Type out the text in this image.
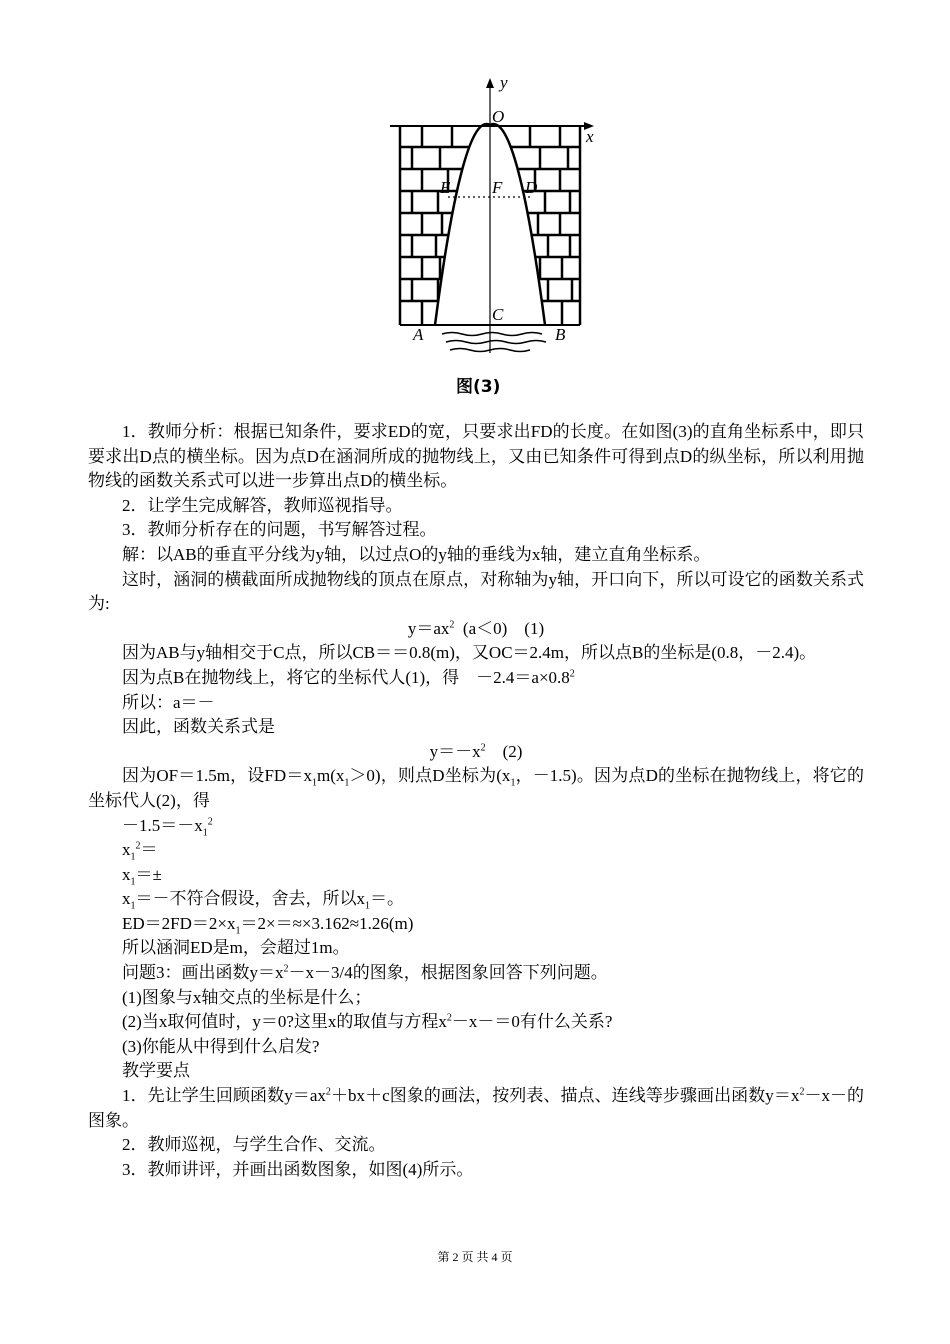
y
x
O
E F D
C
A	B
图(3)

1．教师分析：根据已知条件，要求ED的宽，只要求出FD的长度。在如图(3)的直角坐标系中，即只要求出D点的横坐标。因为点D在涵洞所成的抛物线上，又由已知条件可得到点D的纵坐标，所以利用抛物线的函数关系式可以进一步算出点D的横坐标。

2．让学生完成解答，教师巡视指导。

3．教师分析存在的问题，书写解答过程。

解：以AB的垂直平分线为y轴，以过点O的y轴的垂线为x轴，建立直角坐标系。

这时，涵洞的横截面所成抛物线的顶点在原点，对称轴为y轴，开口向下，所以可设它的函数关系式为:

$y=ax^2$  (a＜0)    (1)

因为AB与y轴相交于C点，所以CB＝＝0.8(m)，又OC＝2.4m，所以点B的坐标是(0.8，－2.4)。

因为点B在抛物线上，将它的坐标代人(1)，得　$-2.4=a\times 0.8^2$

所以：a＝－

因此，函数关系式是

$y=-x^2$    (2)

因为OF＝1.5m，设$FD=x_1m(x_1>0)$，则点D坐标为($x_1$，－1.5)。因为点D的坐标在抛物线上，将它的坐标代人(2)，得

$-1.5=-x_1^2$

$x_1^2=$

$x_1=\pm$

$x_1=-$不符合假设，舍去，所以$x_1=$。

$ED=2FD=2\times x_1=2\times=\approx\times 3.162\approx 1.26(m)$

所以涵洞ED是m，会超过1m。

问题3：画出函数$y=x^2-x-3/4$的图象，根据图象回答下列问题。

(1)图象与x轴交点的坐标是什么；

(2)当x取何值时，y＝0?这里x的取值与方程$x^2-x-=0$有什么关系?

(3)你能从中得到什么启发?

教学要点

1．先让学生回顾函数$y=ax^2+bx+c$图象的画法，按列表、描点、连线等步骤画出函数$y=x^2-x-$的图象。

2．教师巡视，与学生合作、交流。

3．教师讲评，并画出函数图象，如图(4)所示。

第 2 页 共 4 页
